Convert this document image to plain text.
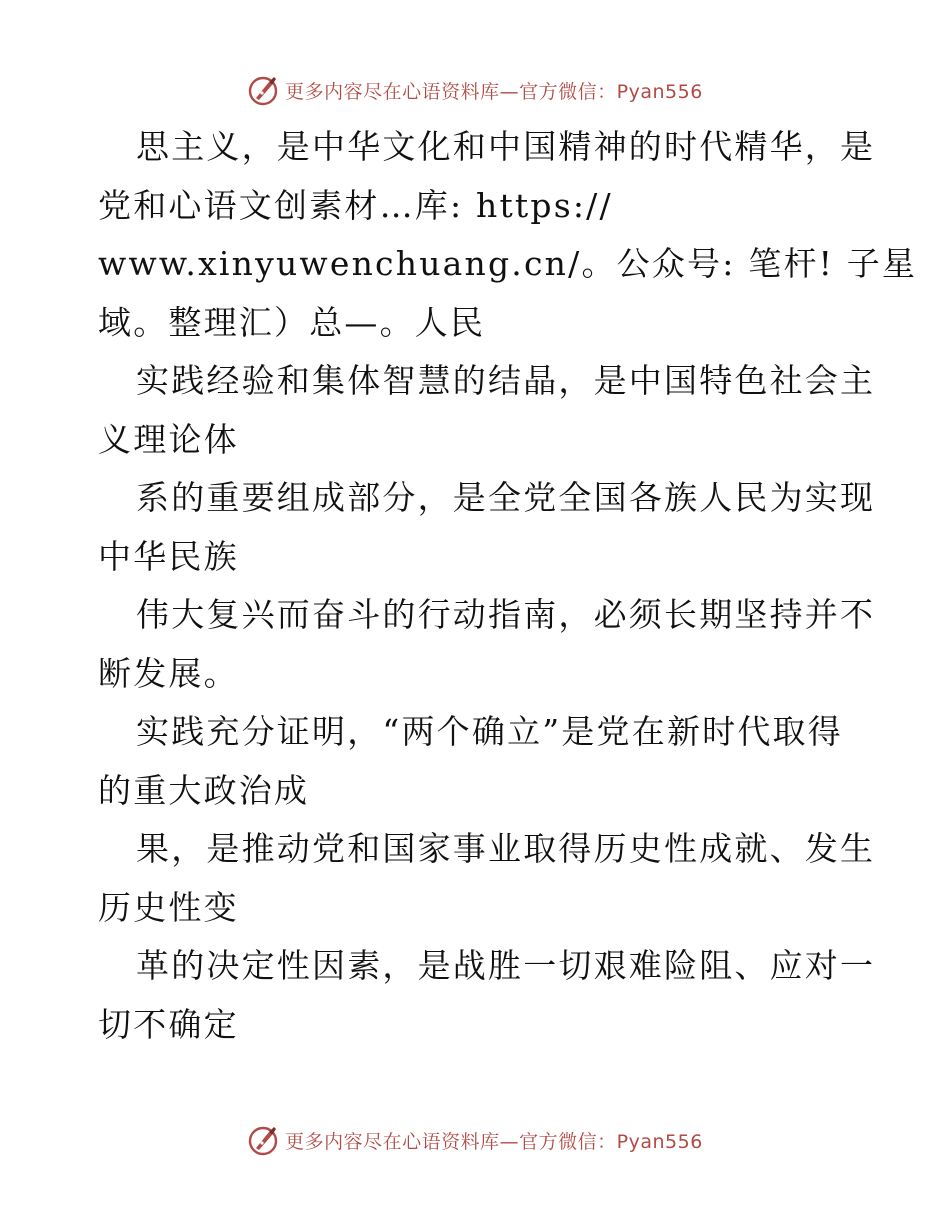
更多内容尽在心语资料库—官方微信：Pyan556
思主义，是中华文化和中国精神的时代精华，是
党和心语文创素材…库: https://
www.xinyuwenchuang.cn/。公众号: 笔杆! 子星
域。整理汇）总—。人民
实践经验和集体智慧的结晶，是中国特色社会主
义理论体
系的重要组成部分，是全党全国各族人民为实现
中华民族
伟大复兴而奋斗的行动指南，必须长期坚持并不
断发展。
实践充分证明，“两个确立”是党在新时代取得
的重大政治成
果，是推动党和国家事业取得历史性成就、发生
历史性变
革的决定性因素，是战胜一切艰难险阻、应对一
切不确定
更多内容尽在心语资料库—官方微信：Pyan556
